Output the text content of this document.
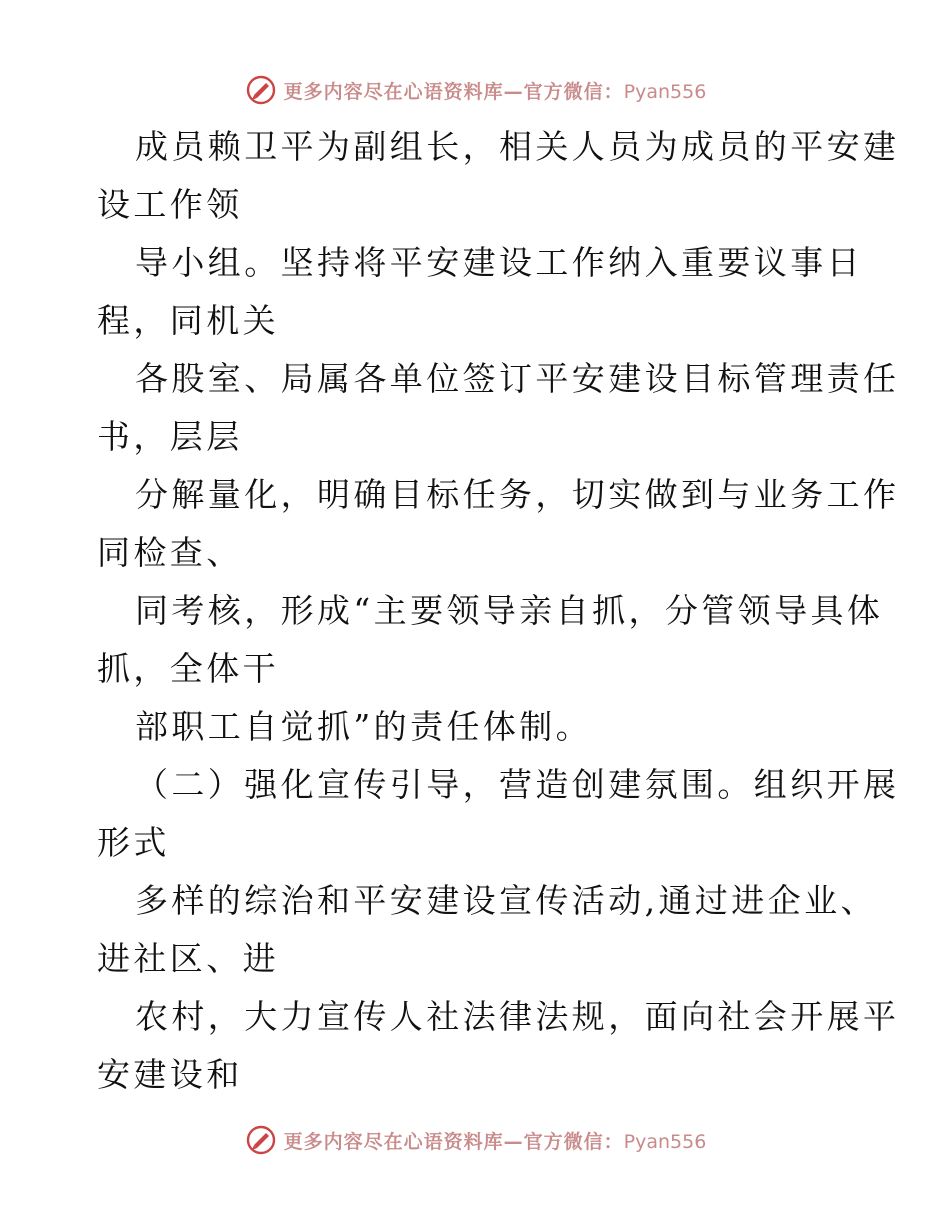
更多内容尽在心语资料库—官方微信：Pyan556
成员赖卫平为副组长，相关人员为成员的平安建
设工作领
导小组。坚持将平安建设工作纳入重要议事日
程，同机关
各股室、局属各单位签订平安建设目标管理责任
书，层层
分解量化，明确目标任务，切实做到与业务工作
同检查、
同考核，形成“主要领导亲自抓，分管领导具体
抓，全体干
部职工自觉抓”的责任体制。
（二）强化宣传引导，营造创建氛围。组织开展
形式
多样的综治和平安建设宣传活动,通过进企业、
进社区、进
农村，大力宣传人社法律法规，面向社会开展平
安建设和
更多内容尽在心语资料库—官方微信：Pyan556
